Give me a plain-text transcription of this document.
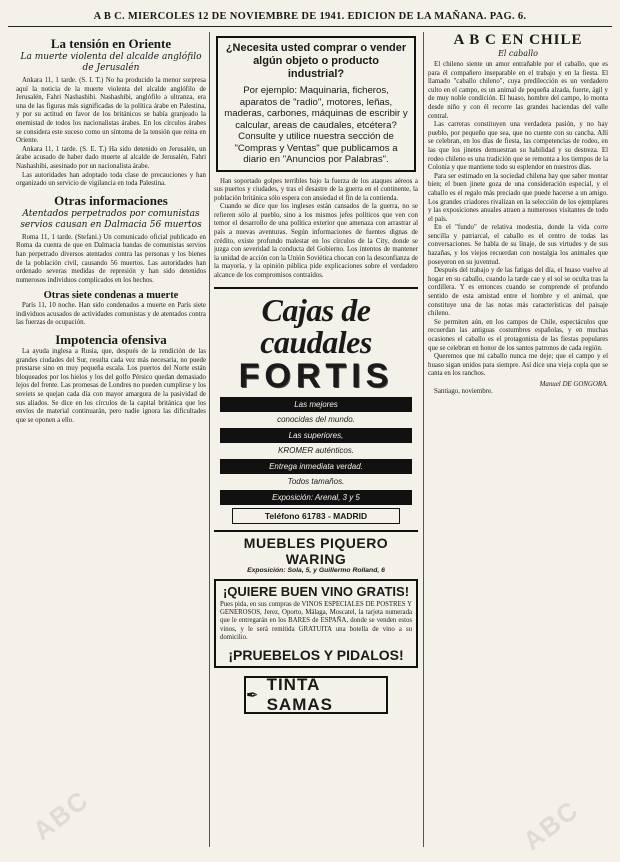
A B C. MIERCOLES 12 DE NOVIEMBRE DE 1941. EDICION DE LA MAÑANA. PAG. 6.
La tensión en Oriente

La muerte violenta del alcalde anglófilo de Jerusalén

Ankara 11, 1 tarde. (S. I. T.) No ha producido la menor sorpresa aquí la noticia de la muerte violenta del alcalde anglófilo de Jerusalén, Fahri Nashashibi. Nashashibi, anglófilo a ultranza, era una de las figuras más significadas de la política árabe en Palestina, y por su actitud en favor de los británicos se había granjeado la enemistad de todos los nacionalistas árabes. En los círculos árabes se considera este suceso como un síntoma de la tensión que reina en Oriente.

Ankara 11, 1 tarde. (S. E. T.) Ha sido detenido en Jerusalén, un árabe acusado de haber dado muerte al alcalde de Jerusalén, Fahri Nashashibi, asesinado por un nacionalista árabe.

Las autoridades han adoptado toda clase de precauciones y han organizado un servicio de vigilancia en toda Palestina.

Otras informaciones

Atentados perpetrados por comunistas servios causan en Dalmacia 56 muertos

Roma 11, 1 tarde. (Stefani.) Un comunicado oficial publicado en Roma da cuenta de que en Dalmacia bandas de comunistas servios han perpetrado diversos atentados contra las personas y los bienes de la población civil, causando 56 muertos. Las autoridades han ordenado severas medidas de represión y han sido detenidos numerosos individuos complicados en los hechos.

Otras siete condenas a muerte

París 11, 10 noche. Han sido condenados a muerte en París siete individuos acusados de actividades comunistas y de atentados contra las fuerzas de ocupación.

Impotencia ofensiva

La ayuda inglesa a Rusia, que, después de la rendición de las grandes ciudades del Sur, resulta cada vez más necesaria, no puede prestarse sino en muy pequeña escala. Los puertos del Norte están bloqueados por los hielos y los del golfo Pérsico quedan demasiado lejos del frente. Las promesas de Londres no pueden cumplirse y los soviets se quejan cada día con mayor amargura de la pasividad de sus aliados. Se dice en los círculos de la capital británica que los envíos de material continuarán, pero nadie ignora las dificultades que se oponen a ello.

¿Necesita usted comprar o vender algún objeto o producto industrial?

Por ejemplo: Maquinaria, ficheros, aparatos de "radio", motores, leñas, maderas, carbones, máquinas de escribir y calcular, areas de caudales, etcétera? Consulte y utilice nuestra sección de "Compras y Ventas" que publicamos a diario en "Anuncios por Palabras".

Han soportado golpes terribles bajo la fuerza de los ataques aéreos a sus puertos y ciudades, y tras el desastre de la guerra en el continente, la población británica sólo espera con ansiedad el fin de la contienda.

Cuando se dice que los ingleses están cansados de la guerra, no se refieren sólo al pueblo, sino a los mismos jefes políticos que ven con temor el desarrollo de una política exterior que amenaza con arrastrar al país a nuevas aventuras. Según informaciones de fuentes dignas de crédito, existe profundo malestar en los círculos de la City, donde se juzga con severidad la conducta del Gobierno. Los intentos de mantener la unidad de acción con la Unión Soviética chocan con la desconfianza de la mayoría, y la opinión pública pide explicaciones sobre el verdadero alcance de los compromisos contraídos.

Cajas de caudales
FORTIS
Las mejores
conocidas del mundo.
Las superiores,
KROMER auténticos.
Entrega inmediata verdad.
Todos tamaños.
Exposición: Arenal, 3 y 5
Teléfono 61783 - MADRID
MUEBLES PIQUERO WARING

Exposición: Sola, 5, y Guillermo Rolland, 6

¡QUIERE BUEN VINO GRATIS!

Pues pida, en sus compras de VINOS ESPECIALES DE POSTRES Y GENEROSOS, Jerez, Oporto, Málaga, Moscatel, la tarjeta numerada que le entregarán en los BARES de ESPAÑA, donde se venden estos vinos, y le será remitida GRATUITA una botella de vino a su domicilio.

¡PRUEBELOS Y PIDALOS!
✒
TINTA SAMAS
A B C EN CHILE

El caballo

El chileno siente un amor entrañable por el caballo, que es para él compañero inseparable en el trabajo y en la fiesta. El llamado "caballo chileno", cuya predilección es un verdadero culto en el campo, es un animal de pequeña alzada, fuerte, ágil y de muy noble condición. El huaso, hombre del campo, lo monta desde niño y con él recorre las grandes haciendas del valle central.

Las carreras constituyen una verdadera pasión, y no hay pueblo, por pequeño que sea, que no cuente con su cancha. Allí se celebran, en los días de fiesta, las competencias de rodeo, en las que los jinetes demuestran su habilidad y su destreza. El rodeo chileno es una tradición que se remonta a los tiempos de la Colonia y que mantiene todo su esplendor en nuestros días.

Para ser estimado en la sociedad chilena hay que saber montar bien; el buen jinete goza de una consideración especial, y el caballo es el regalo más preciado que puede hacerse a un amigo. Los grandes criadores rivalizan en la selección de los ejemplares y las exposiciones anuales atraen a numerosos visitantes de todo el país.

En el "fundo" de relativa modestia, donde la vida corre sencilla y patriarcal, el caballo es el centro de todas las conversaciones. Se habla de su linaje, de sus virtudes y de sus hazañas, y los viejos recuerdan con nostalgia los animales que poseyeron en su juventud.

Después del trabajo y de las fatigas del día, el huaso vuelve al hogar en su caballo, cuando la tarde cae y el sol se oculta tras la cordillera. Y es entonces cuando se comprende el profundo sentido de esta amistad entre el hombre y el animal, que constituye una de las notas más características del paisaje chileno.

Se permiten aún, en los campos de Chile, espectáculos que recuerdan las antiguas costumbres españolas, y en muchas ocasiones el caballo es el protagonista de las fiestas populares que se celebran en honor de los santos patronos de cada región.

Queremos que mi caballo nunca me deje; que el campo y el huaso sigan unidos para siempre. Así dice una vieja copla que se canta en los ranchos.

Manuel DE GONGORA.

Santiago, noviembre.

ABC	ABC
